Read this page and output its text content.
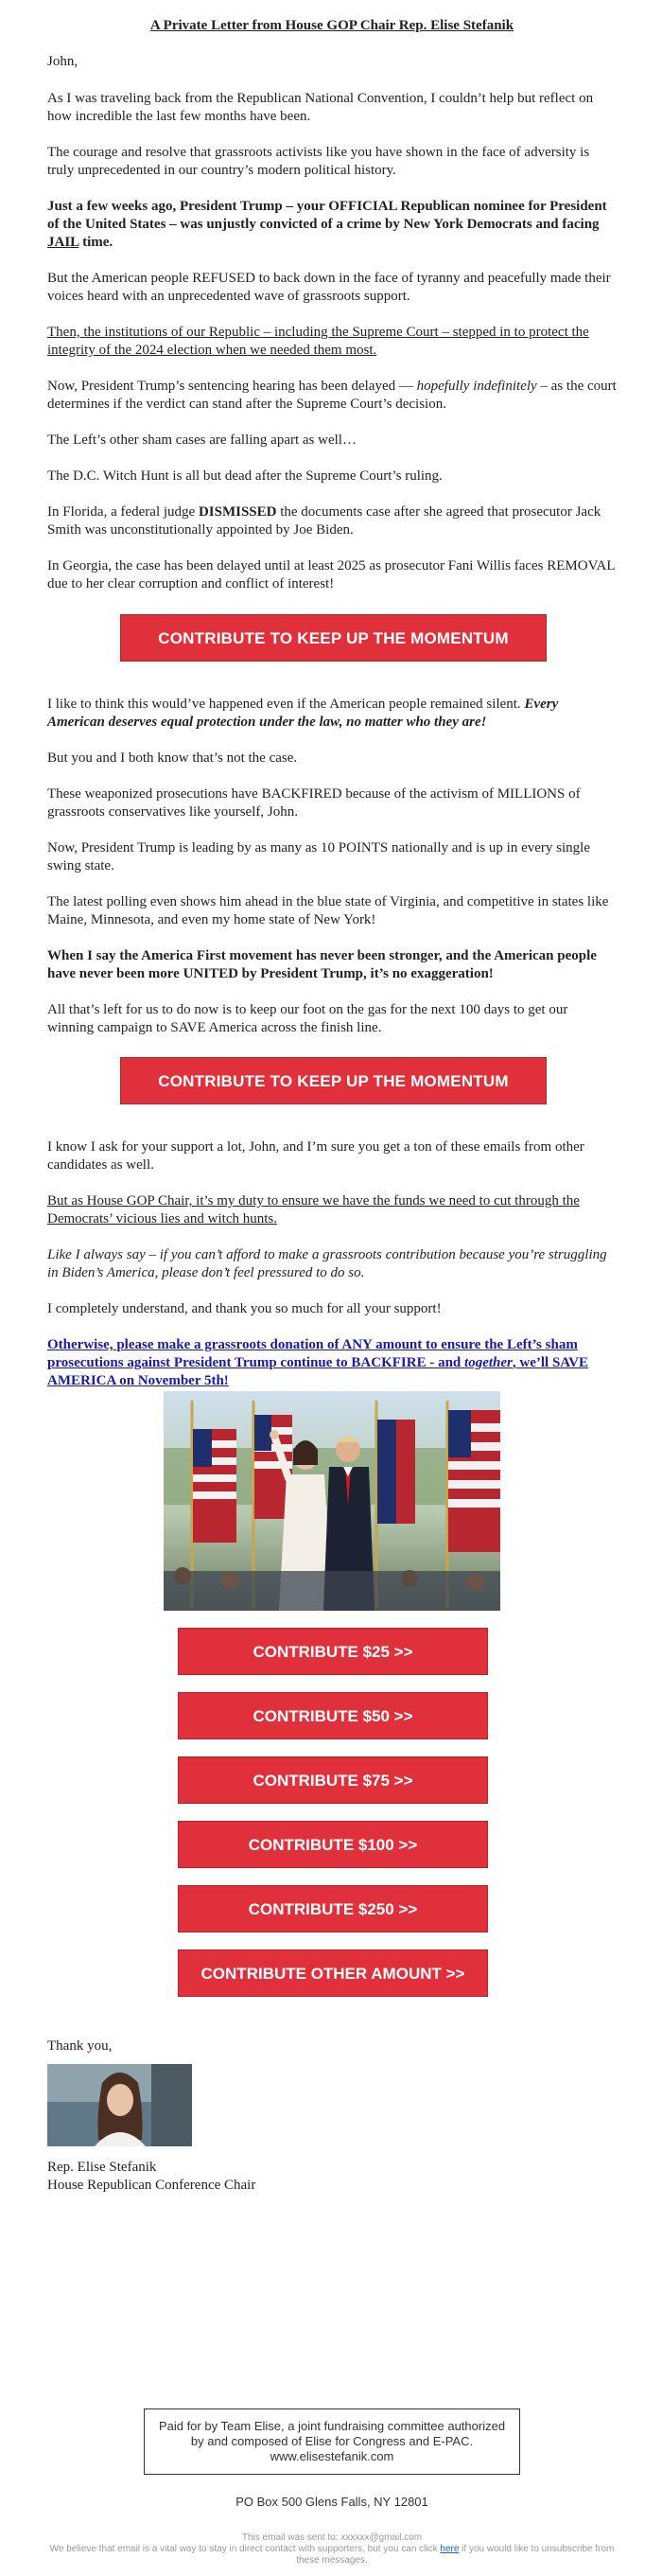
A Private Letter from House GOP Chair Rep. Elise Stefanik

John,

As I was traveling back from the Republican National Convention, I couldn’t help but reflect on how incredible the last few months have been.

The courage and resolve that grassroots activists like you have shown in the face of adversity is truly unprecedented in our country’s modern political history.

Just a few weeks ago, President Trump – your OFFICIAL Republican nominee for President of the United States – was unjustly convicted of a crime by New York Democrats and facing JAIL time.

But the American people REFUSED to back down in the face of tyranny and peacefully made their voices heard with an unprecedented wave of grassroots support.

Then, the institutions of our Republic – including the Supreme Court – stepped in to protect the integrity of the 2024 election when we needed them most.

Now, President Trump’s sentencing hearing has been delayed — hopefully indefinitely – as the court determines if the verdict can stand after the Supreme Court’s decision.

The Left’s other sham cases are falling apart as well…

The D.C. Witch Hunt is all but dead after the Supreme Court’s ruling.

In Florida, a federal judge DISMISSED the documents case after she agreed that prosecutor Jack Smith was unconstitutionally appointed by Joe Biden.

In Georgia, the case has been delayed until at least 2025 as prosecutor Fani Willis faces REMOVAL due to her clear corruption and conflict of interest!

CONTRIBUTE TO KEEP UP THE MOMENTUM

I like to think this would’ve happened even if the American people remained silent. Every American deserves equal protection under the law, no matter who they are!

But you and I both know that’s not the case.

These weaponized prosecutions have BACKFIRED because of the activism of MILLIONS of grassroots conservatives like yourself, John.

Now, President Trump is leading by as many as 10 POINTS nationally and is up in every single swing state.

The latest polling even shows him ahead in the blue state of Virginia, and competitive in states like Maine, Minnesota, and even my home state of New York!

When I say the America First movement has never been stronger, and the American people have never been more UNITED by President Trump, it’s no exaggeration!

All that’s left for us to do now is to keep our foot on the gas for the next 100 days to get our winning campaign to SAVE America across the finish line.

CONTRIBUTE TO KEEP UP THE MOMENTUM

I know I ask for your support a lot, John, and I’m sure you get a ton of these emails from other candidates as well.

But as House GOP Chair, it’s my duty to ensure we have the funds we need to cut through the Democrats’ vicious lies and witch hunts.

Like I always say – if you can’t afford to make a grassroots contribution because you’re struggling in Biden’s America, please don’t feel pressured to do so.

I completely understand, and thank you so much for all your support!

Otherwise, please make a grassroots donation of ANY amount to ensure the Left’s sham prosecutions against President Trump continue to BACKFIRE - and together, we’ll SAVE AMERICA on November 5th!

CONTRIBUTE $25 >>
CONTRIBUTE $50 >>
CONTRIBUTE $75 >>
CONTRIBUTE $100 >>
CONTRIBUTE $250 >>
CONTRIBUTE OTHER AMOUNT >>

Thank you,

Rep. Elise Stefanik

House Republican Conference Chair

Paid for by Team Elise, a joint fundraising committee authorized by and composed of Elise for Congress and E-PAC. www.elisestefanik.com
PO Box 500 Glens Falls, NY 12801
This email was sent to: xxxxxx@gmail.com
We believe that email is a vital way to stay in direct contact with supporters, but you can click here if you would like to unsubscribe from these messages.
